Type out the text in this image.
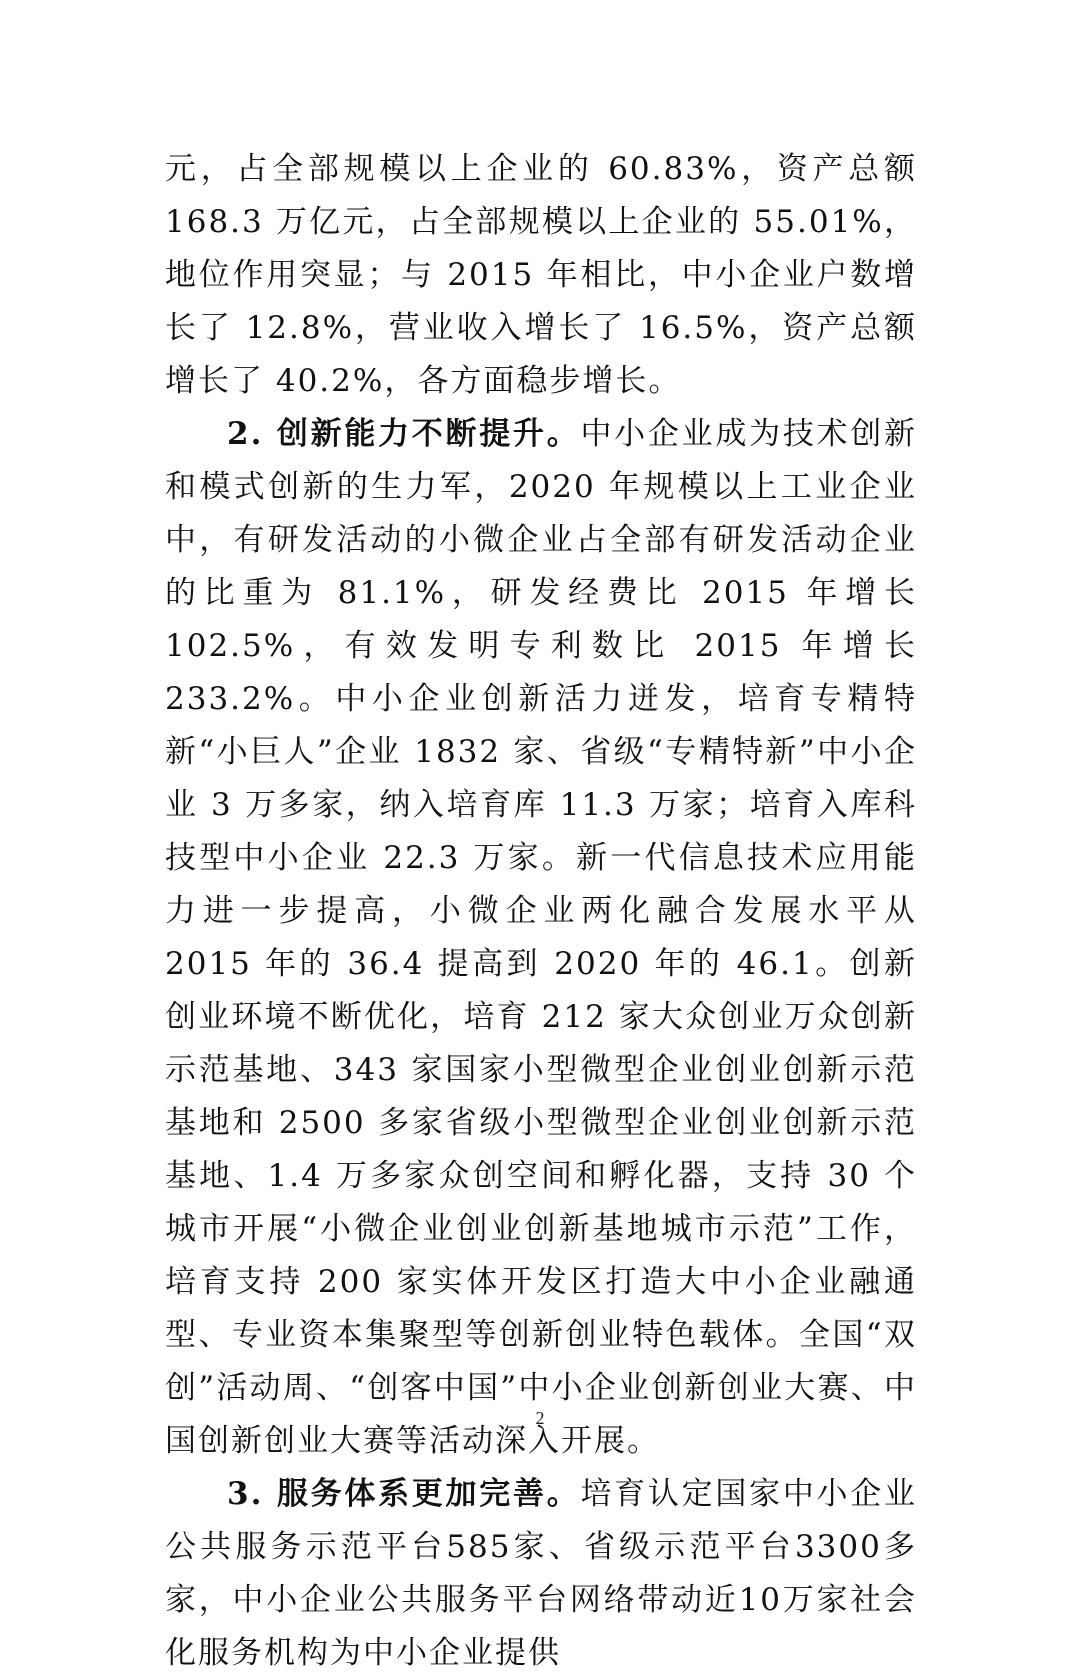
元，占全部规模以上企业的 60.83%，资产总额 168.3 万亿元，占全部规模以上企业的 55.01%，地位作用突显；与 2015 年相比，中小企业户数增长了 12.8%，营业收入增长了 16.5%，资产总额增长了 40.2%，各方面稳步增长。

2. 创新能力不断提升。中小企业成为技术创新和模式创新的生力军，2020 年规模以上工业企业中，有研发活动的小微企业占全部有研发活动企业的比重为 81.1%，研发经费比 2015 年增长 102.5%，有效发明专利数比 2015 年增长 233.2%。中小企业创新活力迸发，培育专精特新“小巨人”企业 1832 家、省级“专精特新”中小企业 3 万多家，纳入培育库 11.3 万家；培育入库科技型中小企业 22.3 万家。新一代信息技术应用能力进一步提高，小微企业两化融合发展水平从 2015 年的 36.4 提高到 2020 年的 46.1。创新创业环境不断优化，培育 212 家大众创业万众创新示范基地、343 家国家小型微型企业创业创新示范基地和 2500 多家省级小型微型企业创业创新示范基地、1.4 万多家众创空间和孵化器，支持 30 个城市开展“小微企业创业创新基地城市示范”工作，培育支持 200 家实体开发区打造大中小企业融通型、专业资本集聚型等创新创业特色载体。全国“双创”活动周、“创客中国”中小企业创新创业大赛、中国创新创业大赛等活动深入开展。

3. 服务体系更加完善。培育认定国家中小企业公共服务示范平台585家、省级示范平台3300多家，中小企业公共服务平台网络带动近10万家社会化服务机构为中小企业提供

2
